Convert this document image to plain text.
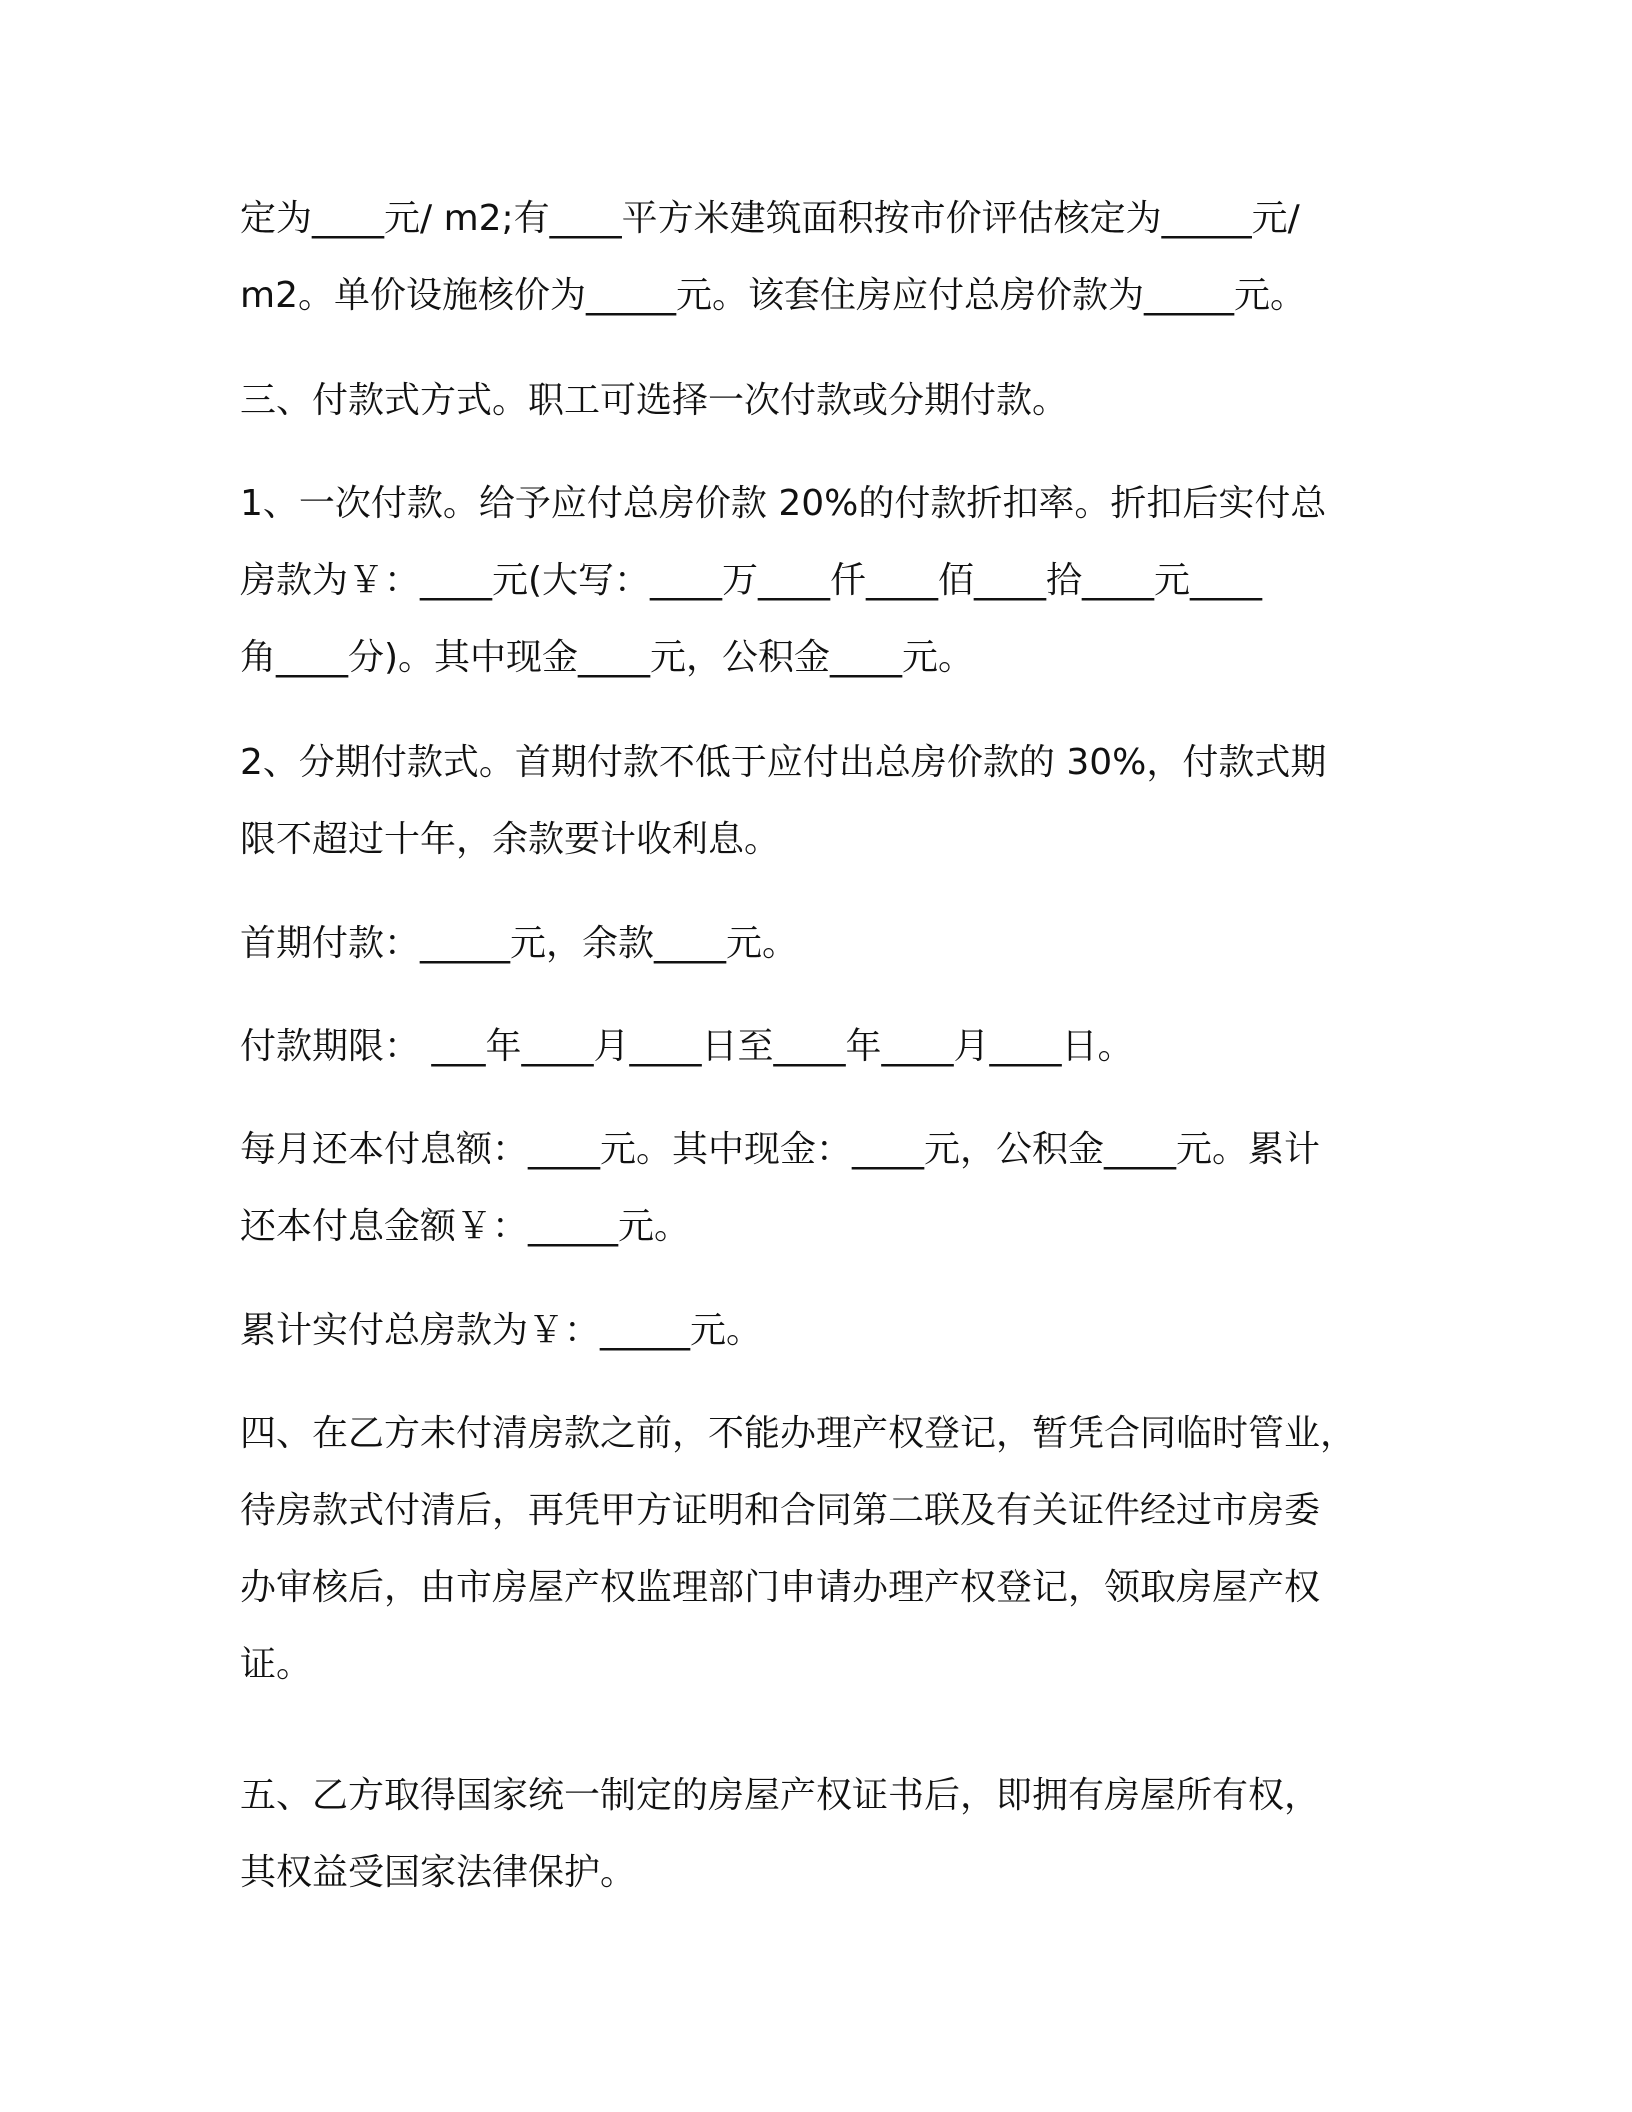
定为____元/ m2;有____平方米建筑面积按市价评估核定为_____元/
m2。单价设施核价为_____元。该套住房应付总房价款为_____元。

三、付款式方式。职工可选择一次付款或分期付款。

1、一次付款。给予应付总房价款 20%的付款折扣率。折扣后实付总
房款为￥：____元(大写：____万____仟____佰____拾____元____
角____分)。其中现金____元，公积金____元。

2、分期付款式。首期付款不低于应付出总房价款的 30%，付款式期
限不超过十年，余款要计收利息。

首期付款：_____元，余款____元。

付款期限： ___年____月____日至____年____月____日。

每月还本付息额：____元。其中现金：____元，公积金____元。累计
还本付息金额￥：_____元。

累计实付总房款为￥：_____元。

四、在乙方未付清房款之前，不能办理产权登记，暂凭合同临时管业，
待房款式付清后，再凭甲方证明和合同第二联及有关证件经过市房委
办审核后，由市房屋产权监理部门申请办理产权登记，领取房屋产权
证。

五、乙方取得国家统一制定的房屋产权证书后，即拥有房屋所有权，
其权益受国家法律保护。
